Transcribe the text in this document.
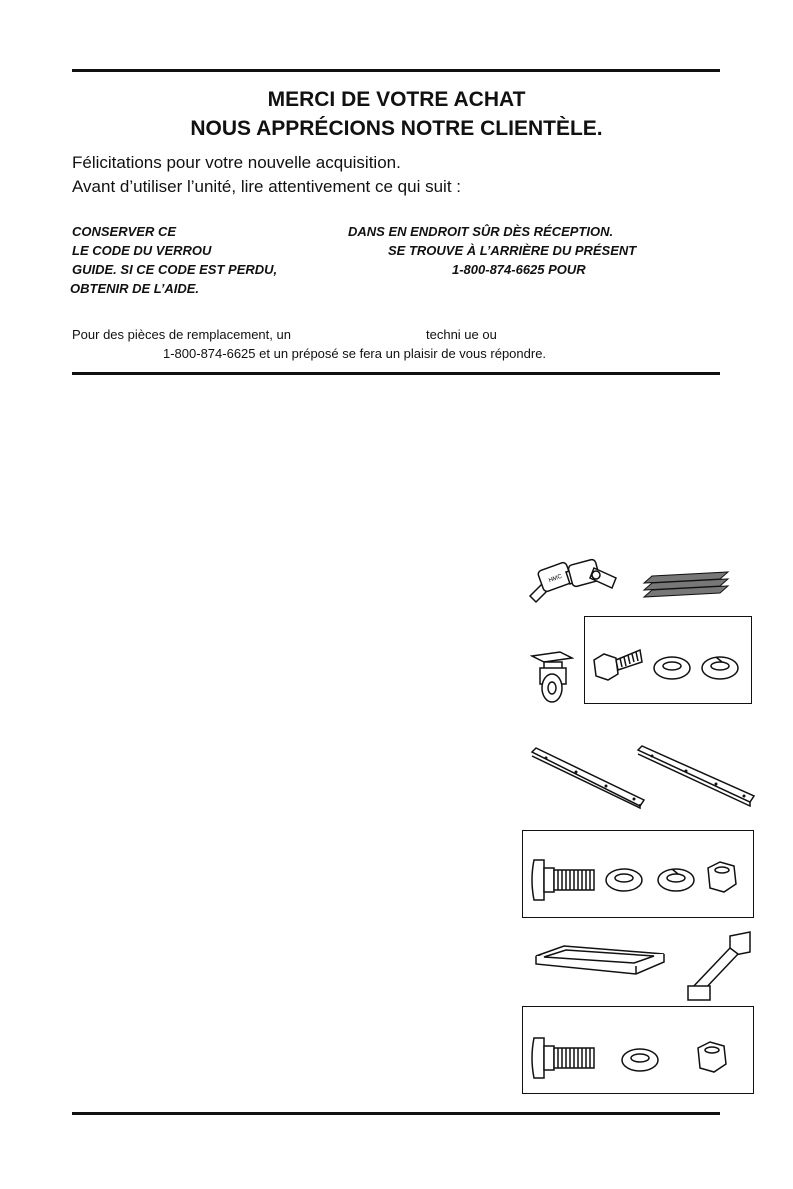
MERCI DE VOTRE ACHAT
NOUS APPRÉCIONS NOTRE CLIENTÈLE.
Félicitations pour votre nouvelle acquisition.
Avant d’utiliser l’unité, lire attentivement ce qui suit :
CONSERVER CE	DANS EN ENDROIT SÛR DÈS RÉCEPTION.
LE CODE DU VERROU	SE TROUVE À L’ARRIÈRE DU PRÉSENT
GUIDE. SI CE CODE EST PERDU,	1-800-874-6625 POUR
OBTENIR DE L’AIDE.
Pour des pièces de remplacement, un	techni ue ou
1-800-874-6625 et un préposé se fera un plaisir de vous répondre.
HMC
